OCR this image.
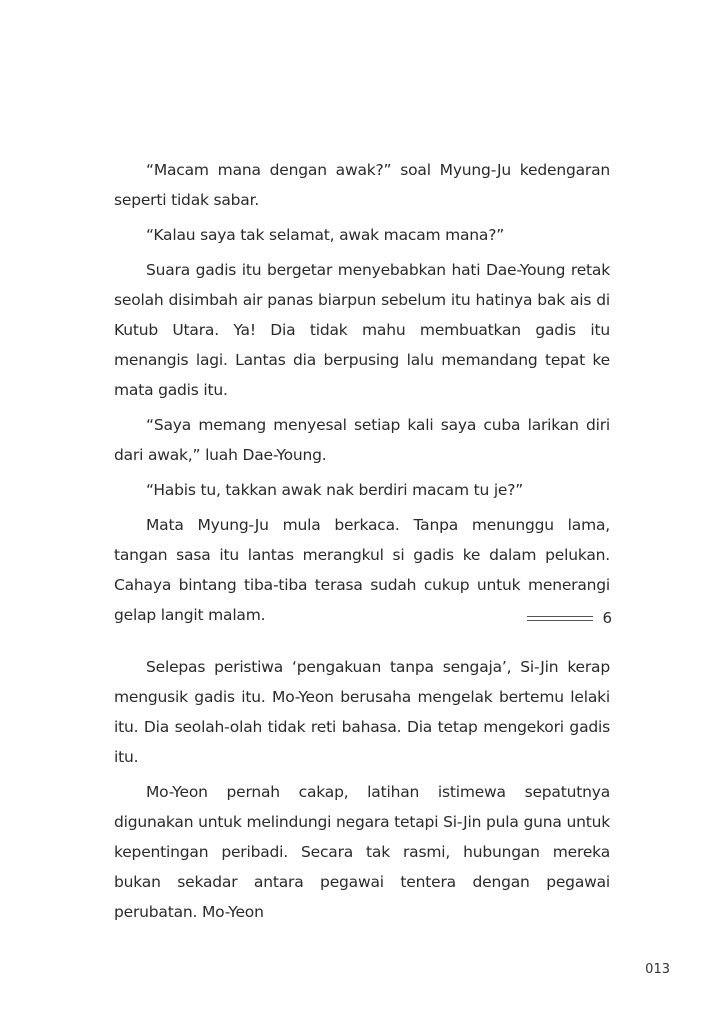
“Macam mana dengan awak?” soal Myung-Ju kedengaran seperti tidak sabar.

“Kalau saya tak selamat, awak macam mana?”

Suara gadis itu bergetar menyebabkan hati Dae-Young retak seolah disimbah air panas biarpun sebelum itu hatinya bak ais di Kutub Utara. Ya! Dia tidak mahu membuatkan gadis itu menangis lagi. Lantas dia berpusing lalu memandang tepat ke mata gadis itu.

“Saya memang menyesal setiap kali saya cuba larikan diri dari awak,” luah Dae-Young.

“Habis tu, takkan awak nak berdiri macam tu je?”

Mata Myung-Ju mula berkaca. Tanpa menunggu lama, tangan sasa itu lantas merangkul si gadis ke dalam pelukan. Cahaya bintang tiba-tiba terasa sudah cukup untuk menerangi gelap langit malam.	6

Selepas peristiwa ‘pengakuan tanpa sengaja’, Si-Jin kerap mengusik gadis itu. Mo-Yeon berusaha mengelak bertemu lelaki itu. Dia seolah-olah tidak reti bahasa. Dia tetap mengekori gadis itu.

Mo-Yeon pernah cakap, latihan istimewa sepatutnya digunakan untuk melindungi negara tetapi Si-Jin pula guna untuk kepentingan peribadi. Secara tak rasmi, hubungan mereka bukan sekadar antara pegawai tentera dengan pegawai perubatan. Mo-Yeon

013
